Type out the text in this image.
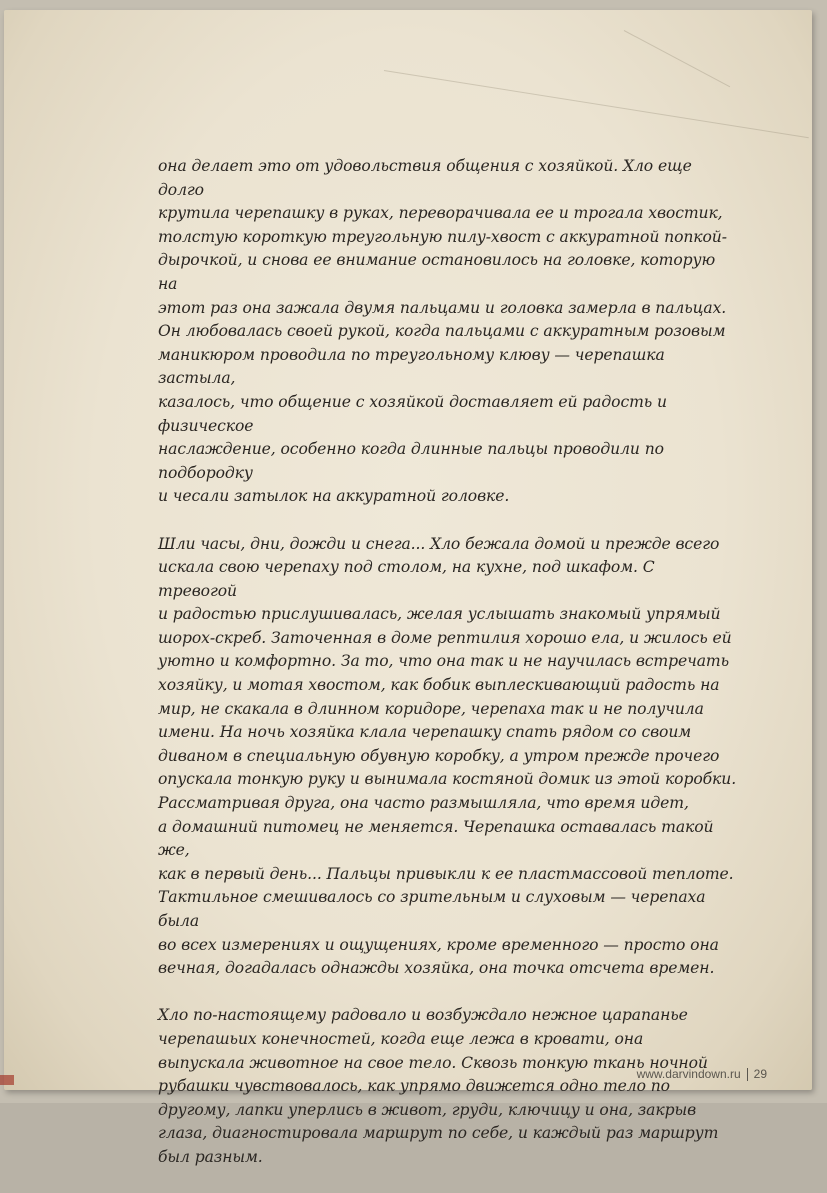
она делает это от удовольствия общения с хозяйкой. Хло еще долго
крутила черепашку в руках, переворачивала ее и трогала хвостик,
толстую короткую треугольную пилу-хвост с аккуратной попкой-
дырочкой, и снова ее внимание остановилось на головке, которую на
этот раз она зажала двумя пальцами и головка замерла в пальцах.
Он любовалась своей рукой, когда пальцами с аккуратным розовым
маникюром проводила по треугольному клюву — черепашка застыла,
казалось, что общение с хозяйкой доставляет ей радость и физическое
наслаждение, особенно когда длинные пальцы проводили по подбородку
и чесали затылок на аккуратной головке.

Шли часы, дни, дожди и снега... Хло бежала домой и прежде всего
искала свою черепаху под столом, на кухне, под шкафом. С тревогой
и радостью прислушивалась, желая услышать знакомый упрямый
шорох-скреб. Заточенная в доме рептилия хорошо ела, и жилось ей
уютно и комфортно. За то, что она так и не научилась встречать
хозяйку, и мотая хвостом, как бобик выплескивающий радость на
мир, не скакала в длинном коридоре, черепаха так и не получила
имени. На ночь хозяйка клала черепашку спать рядом со своим
диваном в специальную обувную коробку, а утром прежде прочего
опускала тонкую руку и вынимала костяной домик из этой коробки.
Рассматривая друга, она часто размышляла, что время идет,
а домашний питомец не меняется. Черепашка оставалась такой же,
как в первый день... Пальцы привыкли к ее пластмассовой теплоте.
Тактильное смешивалось со зрительным и слуховым — черепаха была
во всех измерениях и ощущениях, кроме временного — просто она
вечная, догадалась однажды хозяйка, она точка отсчета времен.

Хло по-настоящему радовало и возбуждало нежное царапанье
черепашьих конечностей, когда еще лежа в кровати, она
выпускала животное на свое тело. Сквозь тонкую ткань ночной
рубашки чувствовалось, как упрямо движется одно тело по
другому, лапки уперлись в живот, груди, ключицу и она, закрыв
глаза, диагностировала маршрут по себе, и каждый раз маршрут
был разным.

www.darvindown.ru 29
